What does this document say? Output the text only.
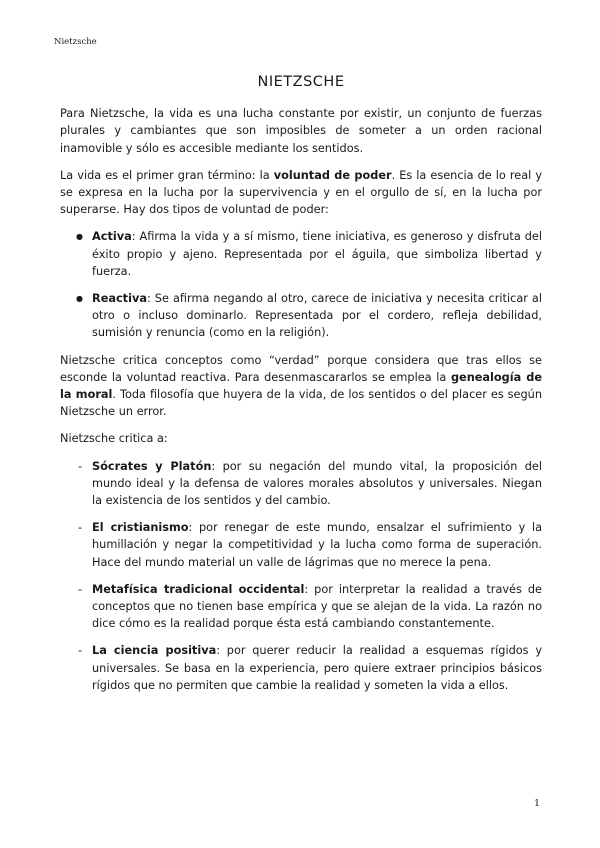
Nietzsche
NIETZSCHE

Para Nietzsche, la vida es una lucha constante por existir, un conjunto de fuerzas plurales y cambiantes que son imposibles de someter a un orden racional inamovible y sólo es accesible mediante los sentidos.

La vida es el primer gran término: la voluntad de poder. Es la esencia de lo real y se expresa en la lucha por la supervivencia y en el orgullo de sí, en la lucha por superarse. Hay dos tipos de voluntad de poder:

● Activa: Afirma la vida y a sí mismo, tiene iniciativa, es generoso y disfruta del éxito propio y ajeno. Representada por el águila, que simboliza libertad y fuerza.
● Reactiva: Se afirma negando al otro, carece de iniciativa y necesita criticar al otro o incluso dominarlo. Representada por el cordero, refleja debilidad, sumisión y renuncia (como en la religión).

Nietzsche critica conceptos como “verdad” porque considera que tras ellos se esconde la voluntad reactiva. Para desenmascararlos se emplea la genealogía de la moral. Toda filosofía que huyera de la vida, de los sentidos o del placer es según Nietzsche un error.

Nietzsche critica a:

- Sócrates y Platón: por su negación del mundo vital, la proposición del mundo ideal y la defensa de valores morales absolutos y universales. Niegan la existencia de los sentidos y del cambio.
- El cristianismo: por renegar de este mundo, ensalzar el sufrimiento y la humillación y negar la competitividad y la lucha como forma de superación. Hace del mundo material un valle de lágrimas que no merece la pena.
- Metafísica tradicional occidental: por interpretar la realidad a través de conceptos que no tienen base empírica y que se alejan de la vida. La razón no dice cómo es la realidad porque ésta está cambiando constantemente.
- La ciencia positiva: por querer reducir la realidad a esquemas rígidos y universales. Se basa en la experiencia, pero quiere extraer principios básicos rígidos que no permiten que cambie la realidad y someten la vida a ellos.
1
